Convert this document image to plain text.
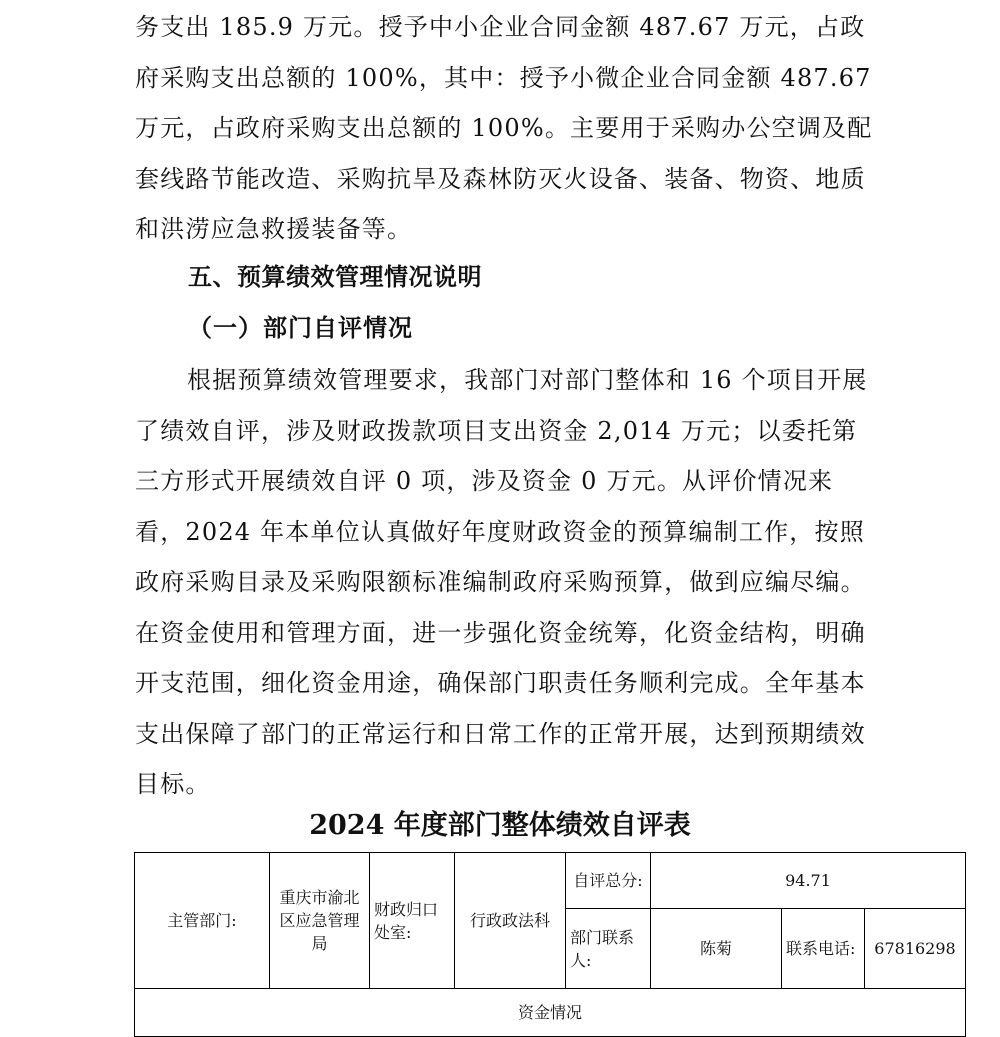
务支出 185.9 万元。授予中小企业合同金额 487.67 万元，占政府采购支出总额的 100%，其中：授予小微企业合同金额 487.67 万元，占政府采购支出总额的 100%。主要用于采购办公空调及配套线路节能改造、采购抗旱及森林防灭火设备、装备、物资、地质和洪涝应急救援装备等。

五、预算绩效管理情况说明
（一）部门自评情况

根据预算绩效管理要求，我部门对部门整体和 16 个项目开展了绩效自评，涉及财政拨款项目支出资金 2,014 万元；以委托第三方形式开展绩效自评 0 项，涉及资金 0 万元。从评价情况来看，2024 年本单位认真做好年度财政资金的预算编制工作，按照政府采购目录及采购限额标准编制政府采购预算，做到应编尽编。在资金使用和管理方面，进一步强化资金统筹，化资金结构，明确开支范围，细化资金用途，确保部门职责任务顺利完成。全年基本支出保障了部门的正常运行和日常工作的正常开展，达到预期绩效目标。

2024 年度部门整体绩效自评表
主管部门:	重庆市渝北区应急管理局	财政归口处室:	行政政法科	自评总分:	94.71		
				部门联系人:	陈菊	联系电话:	67816298
资金情况							
